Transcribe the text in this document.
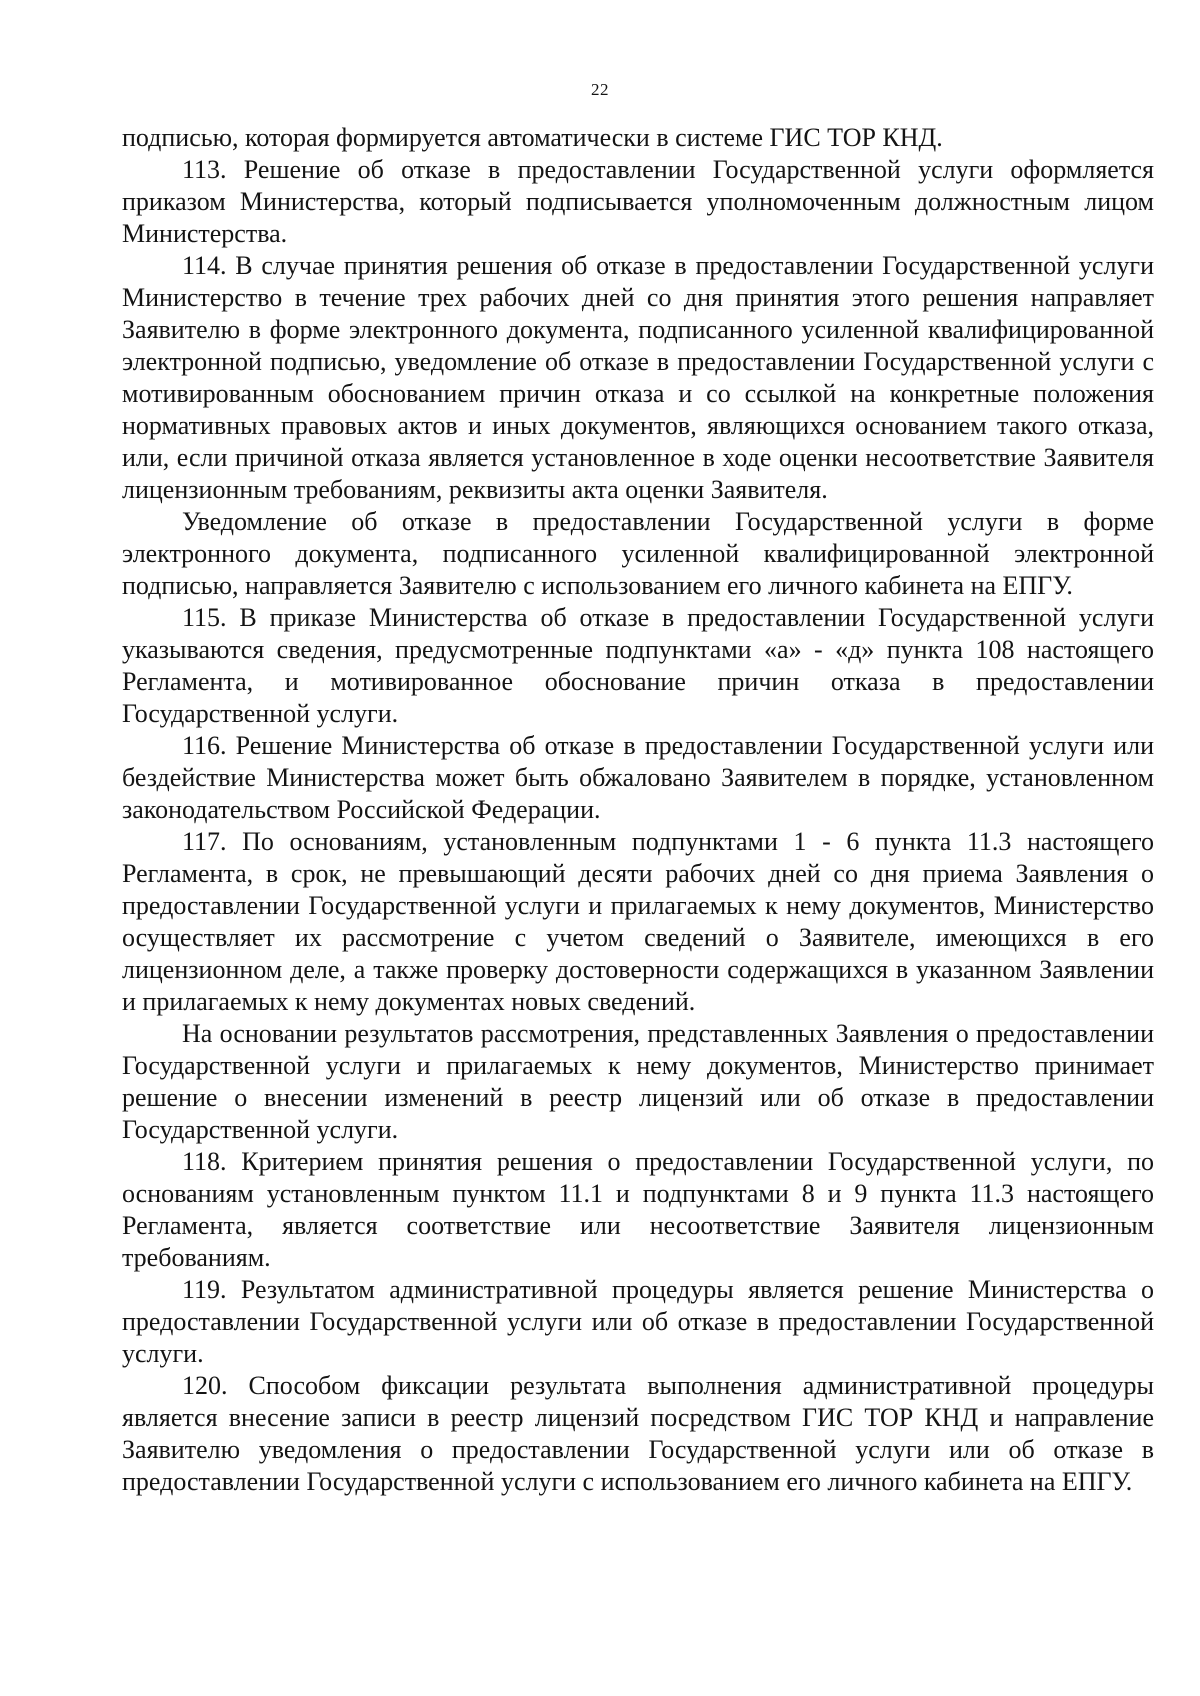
22

подписью, которая формируется автоматически в системе ГИС ТОР КНД.

113. Решение об отказе в предоставлении Государственной услуги оформляется приказом Министерства, который подписывается уполномоченным должностным лицом Министерства.

114. В случае принятия решения об отказе в предоставлении Государственной услуги Министерство в течение трех рабочих дней со дня принятия этого решения направляет Заявителю в форме электронного документа, подписанного усиленной квалифицированной электронной подписью, уведомление об отказе в предоставлении Государственной услуги с мотивированным обоснованием причин отказа и со ссылкой на конкретные положения нормативных правовых актов и иных документов, являющихся основанием такого отказа, или, если причиной отказа является установленное в ходе оценки несоответствие Заявителя лицензионным требованиям, реквизиты акта оценки Заявителя.

Уведомление об отказе в предоставлении Государственной услуги в форме электронного документа, подписанного усиленной квалифицированной электронной подписью, направляется Заявителю с использованием его личного кабинета на ЕПГУ.

115. В приказе Министерства об отказе в предоставлении Государственной услуги указываются сведения, предусмотренные подпунктами «а» - «д» пункта 108 настоящего Регламента, и мотивированное обоснование причин отказа в предоставлении Государственной услуги.

116. Решение Министерства об отказе в предоставлении Государственной услуги или бездействие Министерства может быть обжаловано Заявителем в порядке, установленном законодательством Российской Федерации.

117. По основаниям, установленным подпунктами 1 - 6 пункта 11.3 настоящего Регламента, в срок, не превышающий десяти рабочих дней со дня приема Заявления о предоставлении Государственной услуги и прилагаемых к нему документов, Министерство осуществляет их рассмотрение с учетом сведений о Заявителе, имеющихся в его лицензионном деле, а также проверку достоверности содержащихся в указанном Заявлении и прилагаемых к нему документах новых сведений.

На основании результатов рассмотрения, представленных Заявления о предоставлении Государственной услуги и прилагаемых к нему документов, Министерство принимает решение о внесении изменений в реестр лицензий или об отказе в предоставлении Государственной услуги.

118. Критерием принятия решения о предоставлении Государственной услуги, по основаниям установленным пунктом 11.1 и подпунктами 8 и 9 пункта 11.3 настоящего Регламента, является соответствие или несоответствие Заявителя лицензионным требованиям.

119. Результатом административной процедуры является решение Министерства о предоставлении Государственной услуги или об отказе в предоставлении Государственной услуги.

120. Способом фиксации результата выполнения административной процедуры является внесение записи в реестр лицензий посредством ГИС ТОР КНД и направление Заявителю уведомления о предоставлении Государственной услуги или об отказе в предоставлении Государственной услуги с использованием его личного кабинета на ЕПГУ.
